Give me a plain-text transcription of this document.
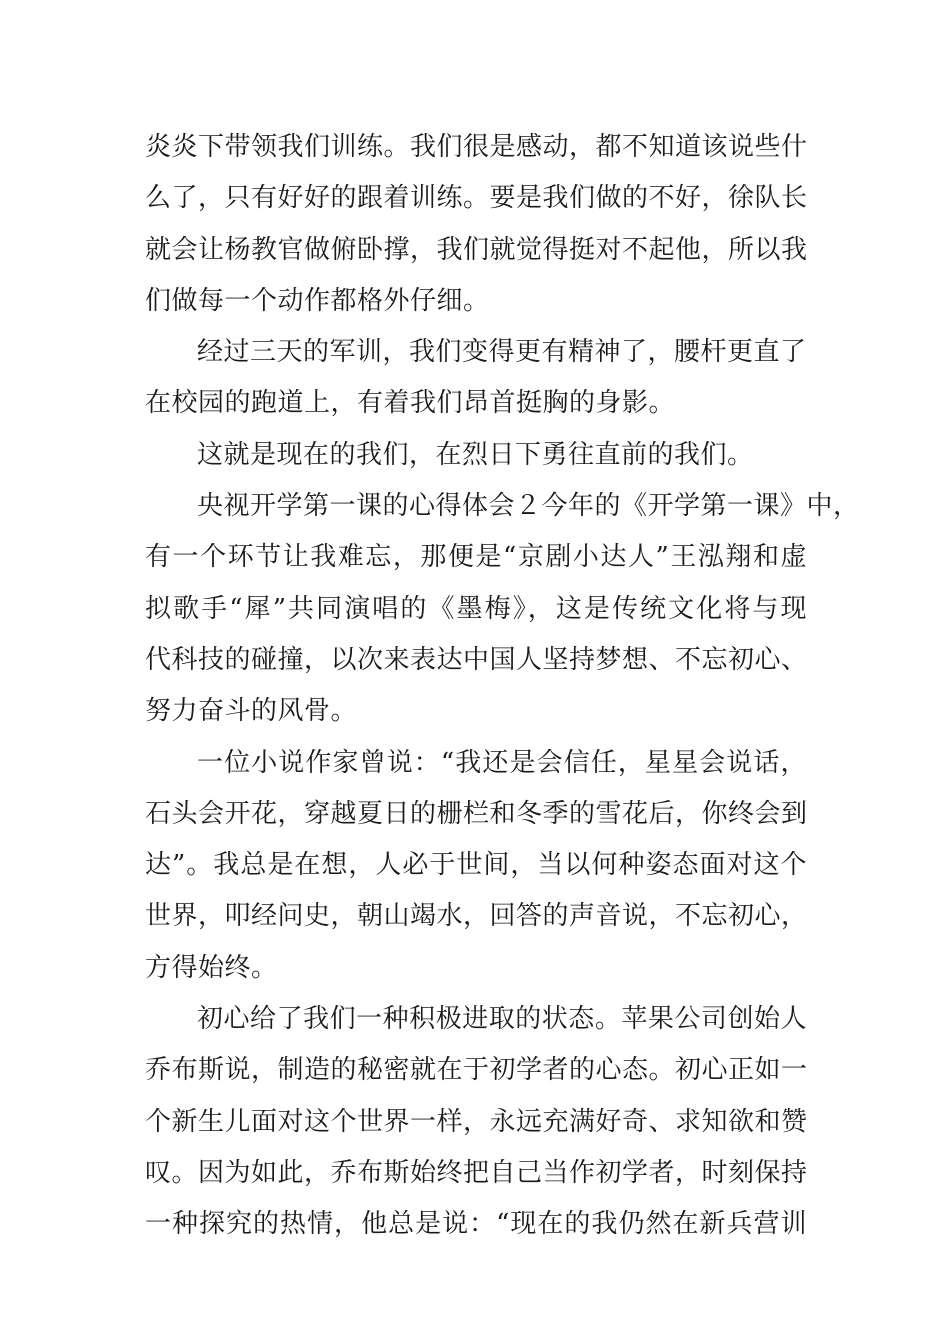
炎炎下带领我们训练。我们很是感动，都不知道该说些什
么了，只有好好的跟着训练。要是我们做的不好，徐队长
就会让杨教官做俯卧撑，我们就觉得挺对不起他，所以我
们做每一个动作都格外仔细。
经过三天的军训，我们变得更有精神了，腰杆更直了
在校园的跑道上，有着我们昂首挺胸的身影。
这就是现在的我们，在烈日下勇往直前的我们。
央视开学第一课的心得体会２今年的《开学第一课》中，
有一个环节让我难忘，那便是“京剧小达人”王泓翔和虚
拟歌手“犀”共同演唱的《墨梅》，这是传统文化将与现
代科技的碰撞，以次来表达中国人坚持梦想、不忘初心、
努力奋斗的风骨。
一位小说作家曾说：“我还是会信任，星星会说话，
石头会开花，穿越夏日的栅栏和冬季的雪花后，你终会到
达”。我总是在想，人必于世间，当以何种姿态面对这个
世界，叩经问史，朝山竭水，回答的声音说，不忘初心，
方得始终。
初心给了我们一种积极进取的状态。苹果公司创始人
乔布斯说，制造的秘密就在于初学者的心态。初心正如一
个新生儿面对这个世界一样，永远充满好奇、求知欲和赞
叹。因为如此，乔布斯始终把自己当作初学者，时刻保持
一种探究的热情，他总是说：“现在的我仍然在新兵营训
